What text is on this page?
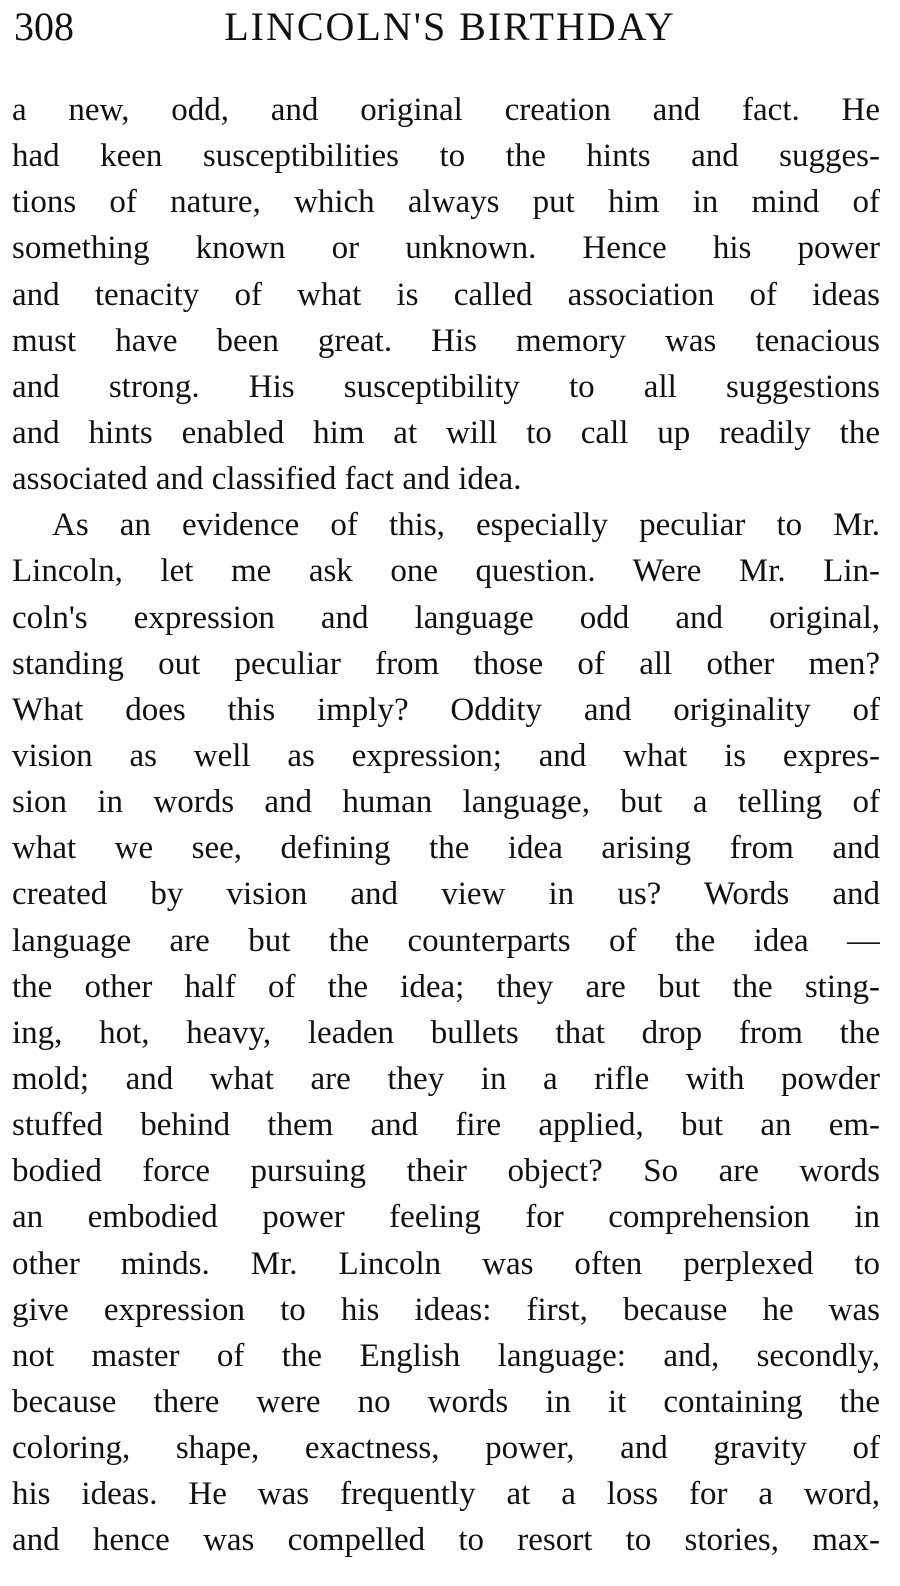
308	LINCOLN'S BIRTHDAY

a new, odd, and original creation and fact. He
had keen susceptibilities to the hints and sugges-
tions of nature, which always put him in mind of
something known or unknown. Hence his power
and tenacity of what is called association of ideas
must have been great. His memory was tenacious
and strong. His susceptibility to all suggestions
and hints enabled him at will to call up readily the
associated and classified fact and idea.

As an evidence of this, especially peculiar to Mr.
Lincoln, let me ask one question. Were Mr. Lin-
coln's expression and language odd and original,
standing out peculiar from those of all other men?
What does this imply? Oddity and originality of
vision as well as expression; and what is expres-
sion in words and human language, but a telling of
what we see, defining the idea arising from and
created by vision and view in us? Words and
language are but the counterparts of the idea —
the other half of the idea; they are but the sting-
ing, hot, heavy, leaden bullets that drop from the
mold; and what are they in a rifle with powder
stuffed behind them and fire applied, but an em-
bodied force pursuing their object? So are words
an embodied power feeling for comprehension in
other minds. Mr. Lincoln was often perplexed to
give expression to his ideas: first, because he was
not master of the English language: and, secondly,
because there were no words in it containing the
coloring, shape, exactness, power, and gravity of
his ideas. He was frequently at a loss for a word,
and hence was compelled to resort to stories, max-
